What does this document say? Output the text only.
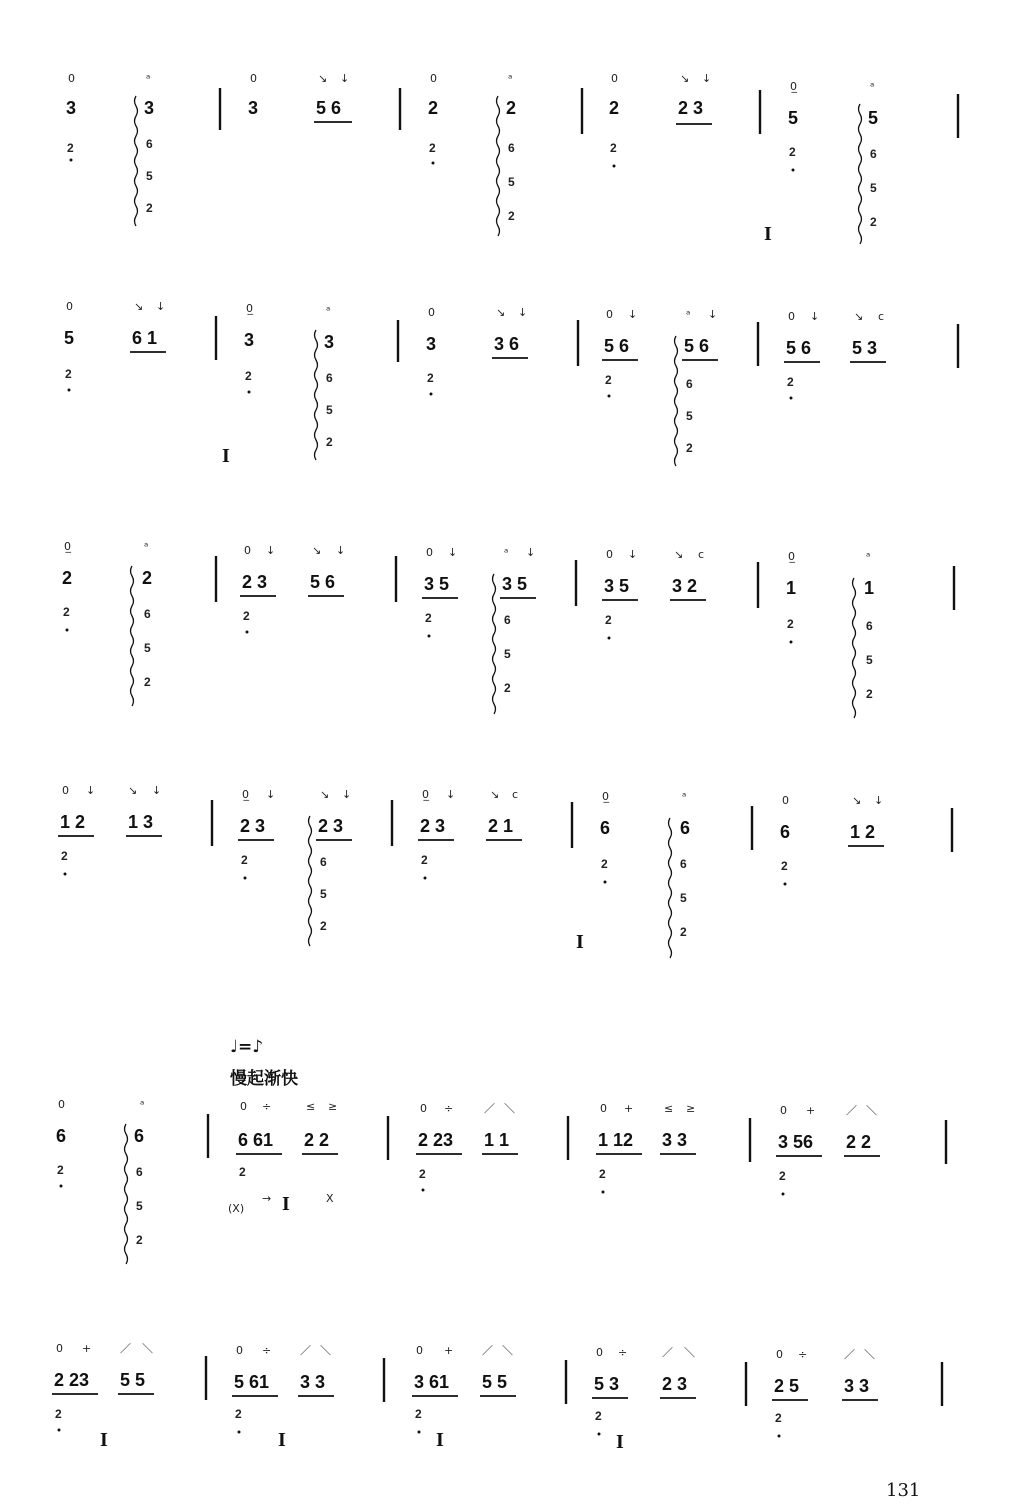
0
3
2
ᵃ
3
6
5
2
0
3
↘ ↓
5 6
0
2
2
ᵃ
2
6
5
2
0
2
2
↘ ↓
2 3
0̲
5
2
I
ᵃ
5
6
5
2
0
5
2
↘ ↓
6 1
0̲
3
2
I
ᵃ
3
6
5
2
0
3
2
↘ ↓
3 6
0 ↓
5 6
2
ᵃ ↓
5 6
6
5
2
0 ↓
5 6
2
↘ c
5 3
0̲
2
2
ᵃ
2
6
5
2
0 ↓
2 3
2
↘ ↓
5 6
0 ↓
3 5
2
ᵃ ↓
3 5
6
5
2
0 ↓
3 5
2
↘ c
3 2
0̲
1
2
ᵃ
1
6
5
2
0 ↓
1 2
2
↘ ↓
1 3
0̲ ↓
2 3
2
↘ ↓
2 3
6
5
2
0̲ ↓
2 3
2
↘ c
2 1
0̲
6
2
I
ᵃ
6
6
5
2
0
6
2
↘ ↓
1 2
♩=♪
慢起渐快
0
6
2
ᵃ
6
6
5
2
0 ÷
6 61
2
(X)
→ I
≤ ≥
2 2
X
0 ÷
2 23
2
／ ＼
1 1
0 +
1 12
2
≤ ≥
3 3
0 +
3 56
2
／ ＼
2 2
0 +
2 23
2
I
／ ＼
5 5
0 ÷
5 61
2
I
／ ＼
3 3
0 +
3 61
2
I
／ ＼
5 5
0 ÷
5 3
2
I
／ ＼
2 3
0 ÷
2 5
2
／ ＼
3 3
131
